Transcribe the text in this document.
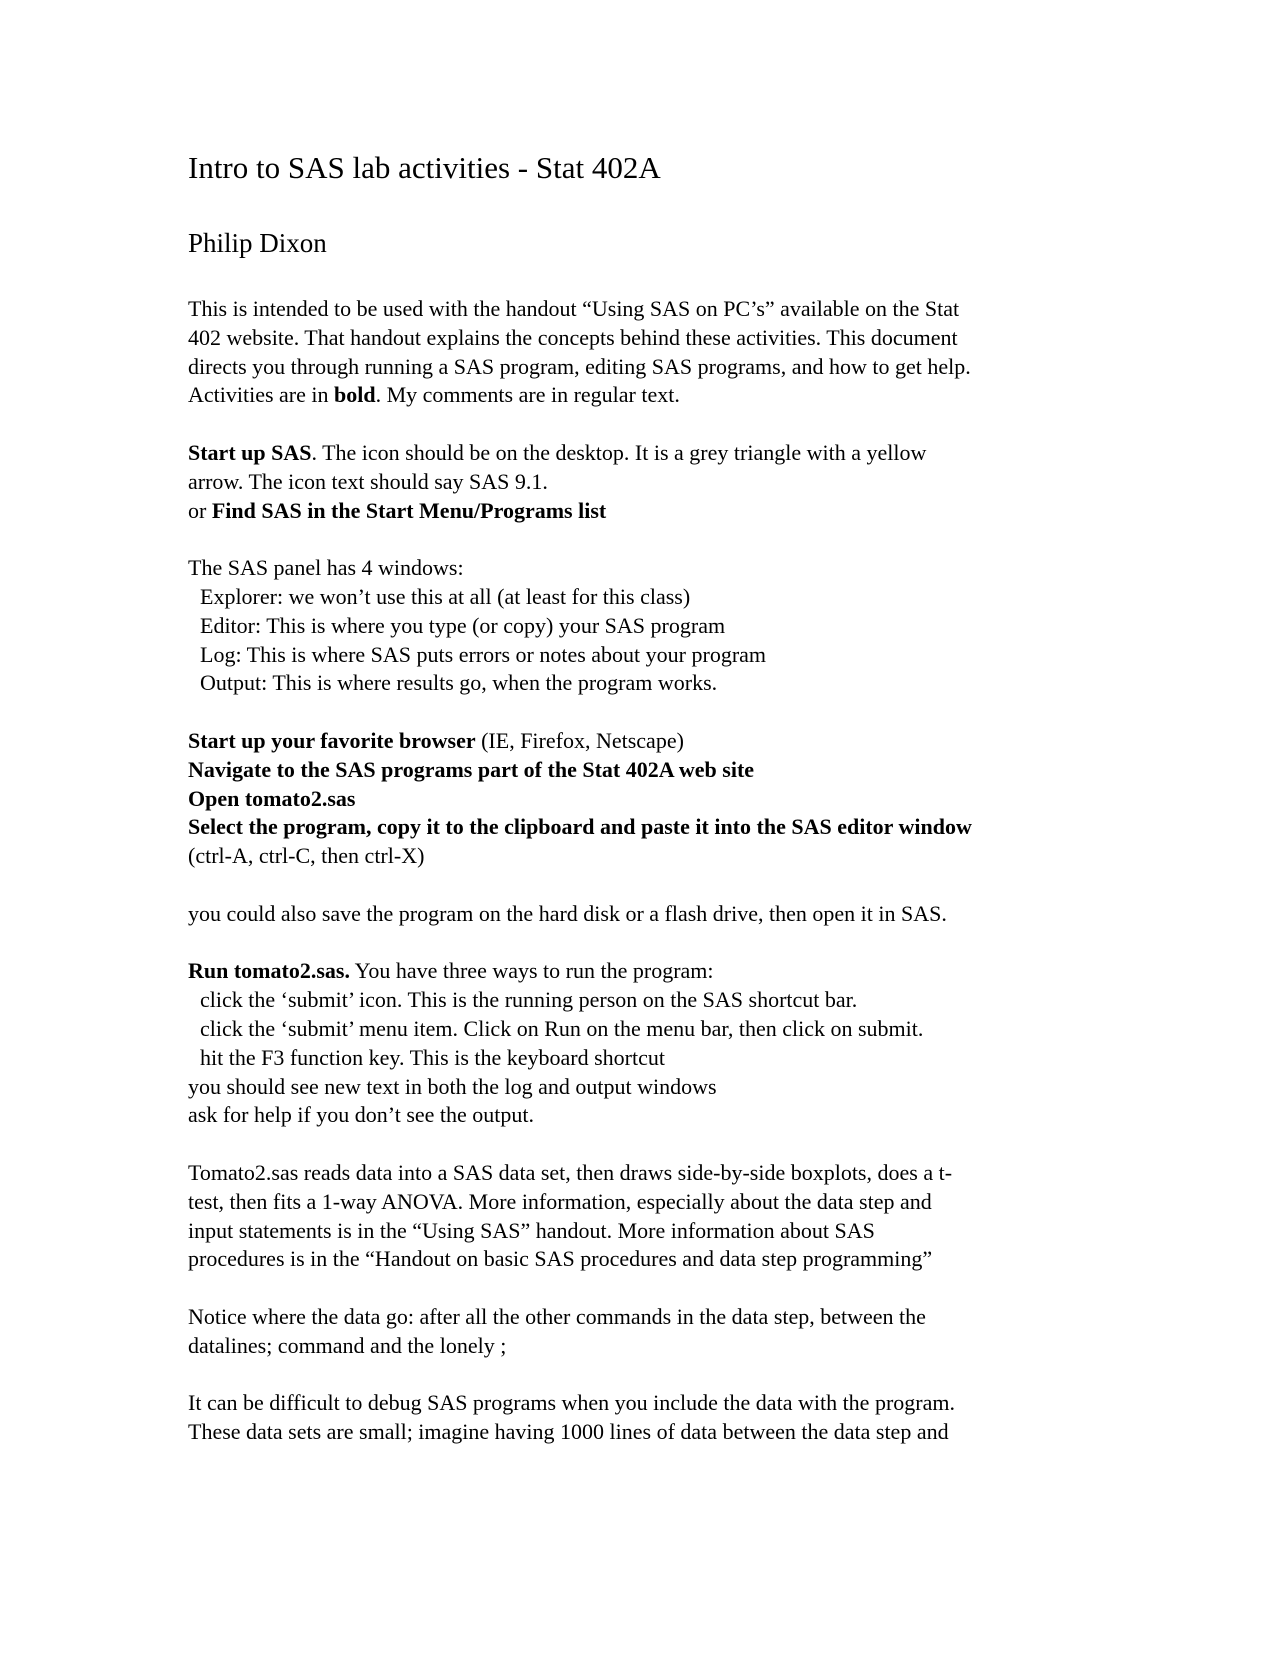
Intro to SAS lab activities - Stat 402A

Philip Dixon

This is intended to be used with the handout “Using SAS on PC’s” available on the Stat
402 website. That handout explains the concepts behind these activities. This document
directs you through running a SAS program, editing SAS programs, and how to get help.
Activities are in bold. My comments are in regular text.
Start up SAS. The icon should be on the desktop. It is a grey triangle with a yellow
arrow. The icon text should say SAS 9.1.
or Find SAS in the Start Menu/Programs list
The SAS panel has 4 windows:
Explorer: we won’t use this at all (at least for this class)
Editor: This is where you type (or copy) your SAS program
Log: This is where SAS puts errors or notes about your program
Output: This is where results go, when the program works.
Start up your favorite browser (IE, Firefox, Netscape)
Navigate to the SAS programs part of the Stat 402A web site
Open tomato2.sas
Select the program, copy it to the clipboard and paste it into the SAS editor window
(ctrl-A, ctrl-C, then ctrl-X)
you could also save the program on the hard disk or a flash drive, then open it in SAS.
Run tomato2.sas. You have three ways to run the program:
click the ‘submit’ icon. This is the running person on the SAS shortcut bar.
click the ‘submit’ menu item. Click on Run on the menu bar, then click on submit.
hit the F3 function key. This is the keyboard shortcut
you should see new text in both the log and output windows
ask for help if you don’t see the output.
Tomato2.sas reads data into a SAS data set, then draws side-by-side boxplots, does a t-
test, then fits a 1-way ANOVA. More information, especially about the data step and
input statements is in the “Using SAS” handout. More information about SAS
procedures is in the “Handout on basic SAS procedures and data step programming”
Notice where the data go: after all the other commands in the data step, between the
datalines; command and the lonely ;
It can be difficult to debug SAS programs when you include the data with the program.
These data sets are small; imagine having 1000 lines of data between the data step and
